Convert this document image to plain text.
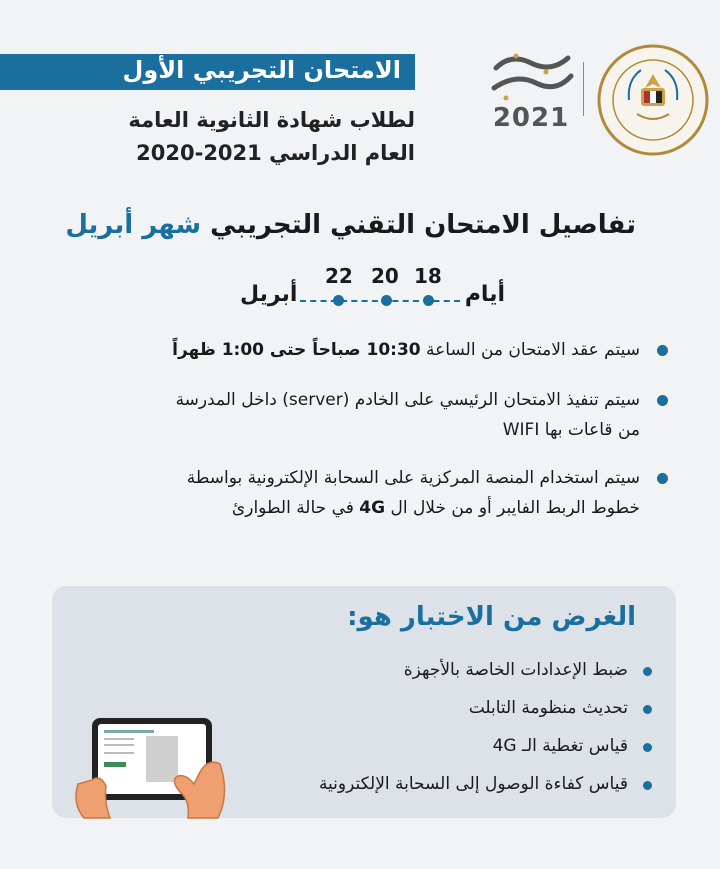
الامتحان التجريبي الأول
لطلاب شهادة الثانوية العامة
العام الدراسي 2021-2020
2021
تفاصيل الامتحان التقني التجريبي شهر أبريل
22 20 18
أيام
أبريل
سيتم عقد الامتحان من الساعة 10:30 صباحاً حتى 1:00 ظهراً
سيتم تنفيذ الامتحان الرئيسي على الخادم (server) داخل المدرسة
من قاعات بها WIFI
سيتم استخدام المنصة المركزية على السحابة الإلكترونية بواسطة
خطوط الربط الفايبر أو من خلال ال 4G في حالة الطوارئ
الغرض من الاختبار هو:
ضبط الإعدادات الخاصة بالأجهزة
تحديث منظومة التابلت
قياس تغطية الـ 4G
قياس كفاءة الوصول إلى السحابة الإلكترونية
